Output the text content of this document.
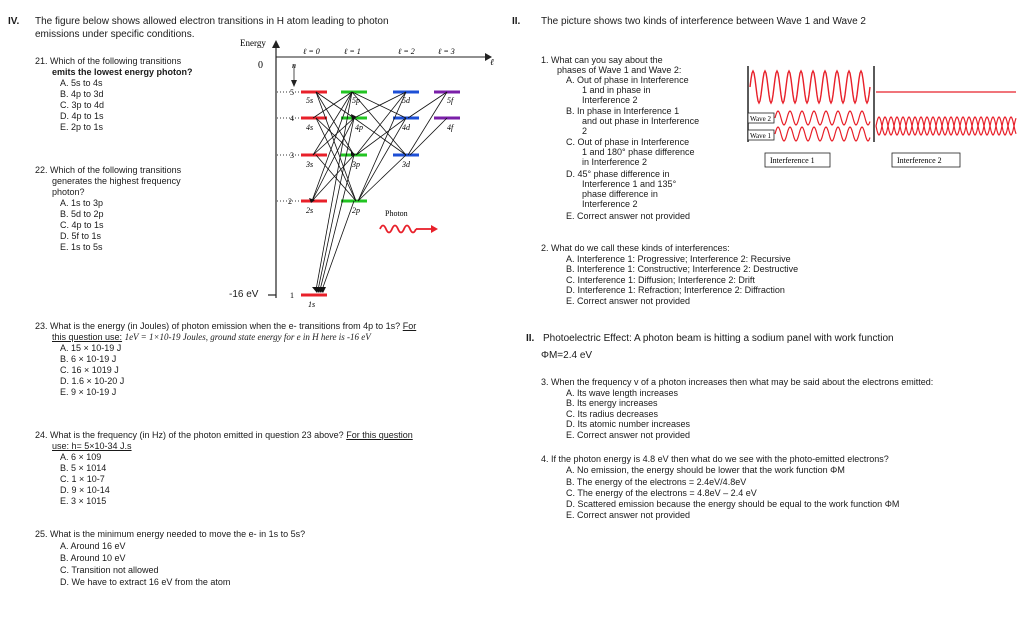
IV. The figure below shows allowed electron transitions in H atom leading to photon
emissions under specific conditions.
21. Which of the following transitions
emits the lowest energy photon?
A. 5s to 4s
B. 4p to 3d
C. 3p to 4d
D. 4p to 1s
E. 2p to 1s
22. Which of the following transitions
generates the highest frequency
photon?
A. 1s to 3p
B. 5d to 2p
C. 4p to 1s
D. 5f to 1s
E. 1s to 5s
Energy
0	n	ℓ
ℓ = 0	ℓ = 1	ℓ = 2	ℓ = 3
5
4
3
2
1
5s	5p	5d	5f
4s	4p	4d	4f
3s	3p	3d
2s	2p
1s
Photon
-16 eV
23. What is the energy (in Joules) of photon emission when the e- transitions from 4p to 1s? For
this question use: 1eV = 1×10-19 Joules, ground state energy for e in H here is -16 eV
A. 15 × 10-19 J
B. 6 × 10-19 J
C. 16 × 1019 J
D. 1.6 × 10-20 J
E. 9 × 10-19 J
24. What is the frequency (in Hz) of the photon emitted in question 23 above? For this question
use: h= 5×10-34 J.s
A. 6 × 109
B. 5 × 1014
C. 1 × 10-7
D. 9 × 10-14
E. 3 × 1015
25. What is the minimum energy needed to move the e- in 1s to 5s?
A. Around 16 eV
B. Around 10 eV
C. Transition not allowed
D. We have to extract 16 eV from the atom
II. The picture shows two kinds of interference between Wave 1 and Wave 2
1. What can you say about the
phases of Wave 1 and Wave 2:
A. Out of phase in Interference
1 and in phase in
Interference 2
B. In phase in Interference 1
and out phase in Interference
2
C. Out of phase in Interference
1 and 180° phase difference
in Interference 2
D. 45° phase difference in
Interference 1 and 135°
phase difference in
Interference 2
E. Correct answer not provided
Wave 2
Wave 1
Interference 1	Interference 2
2. What do we call these kinds of interferences:
A. Interference 1: Progressive; Interference 2: Recursive
B. Interference 1: Constructive; Interference 2: Destructive
C. Interference 1: Diffusion; Interference 2: Drift
D. Interference 1: Refraction; Interference 2: Diffraction
E. Correct answer not provided
II. Photoelectric Effect: A photon beam is hitting a sodium panel with work function
ΦM=2.4 eV
3. When the frequency v of a photon increases then what may be said about the electrons emitted:
A. Its wave length increases
B. Its energy increases
C. Its radius decreases
D. Its atomic number increases
E. Correct answer not provided
4. If the photon energy is 4.8 eV then what do we see with the photo-emitted electrons?
A. No emission, the energy should be lower that the work function ΦM
B. The energy of the electrons = 2.4eV/4.8eV
C. The energy of the electrons = 4.8eV – 2.4 eV
D. Scattered emission because the energy should be equal to the work function ΦM
E. Correct answer not provided
